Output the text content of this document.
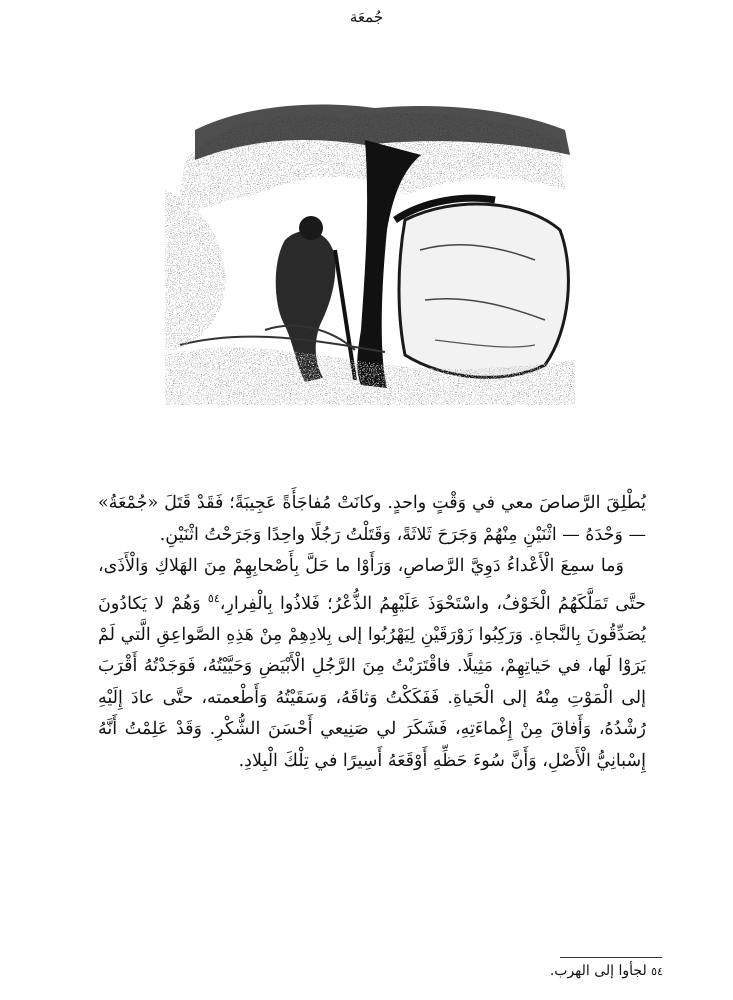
جُمعَة

يُطْلِقَ الرَّصاصَ معي في وَقْتٍ واحدٍ. وكانَتْ مُفاجَأَةً عَجِيبَةً؛ فَقَدْ قَتَلَ «جُمْعَةُ» — وَحْدَهُ — اثْنَيْنِ مِنْهُمْ وَجَرَحَ ثَلاثَةً، وَقَتَلْتُ رَجُلًا واحِدًا وَجَرَحْتُ اثْنَيْنِ.

وَما سمِعَ الْأَعْداءُ دَوِيَّ الرَّصاصِ، وَرَأَوْا ما حَلَّ بِأَصْحابِهِمْ مِنَ الهَلاكِ وَالْأَذَى، حتَّى تَمَلَّكَهُمُ الْخَوْفُ، واسْتَحْوَذَ عَلَيْهِمُ الذُّعْرُ؛ فَلاذُوا بِالْفِرارِ،$^{٥٤}$ وَهُمْ لا يَكادُونَ يُصَدِّقُونَ بِالنَّجاةِ. وَرَكِبُوا زَوْرَقَيْنِ لِيَهْرُبُوا إلى بِلادِهِمْ مِنْ هَذِهِ الصَّواعِقِ الَّتي لَمْ يَرَوْا لَها، في حَياتِهِمْ، مَثِيلًا. فاقْتَرَبْتُ مِنَ الرَّجُلِ الْأَبْيَضِ وَحَيَّيْتُهُ، فَوَجَدْتُهُ أَقْرَبَ إلى الْمَوْتِ مِنْهُ إلى الْحَياةِ. فَفَكَكْتُ وَثاقَهُ، وَسَقَيْتُهُ وَأَطْعمته، حتَّى عادَ إِلَيْهِ رُشْدُهُ، وَأَفاقَ مِنْ إِغْماءَتِهِ، فَشَكَرَ لي صَنِيعي أَحْسَنَ الشُّكْرِ. وَقَدْ عَلِمْتُ أَنَّهُ إِسْبانِيُّ الْأَصْلِ، وَأَنَّ سُوءَ حَظِّهِ أَوْقَعَهُ أَسِيرًا في تِلْكَ الْبِلادِ.

٥٤ لجأوا إلى الهرب.
